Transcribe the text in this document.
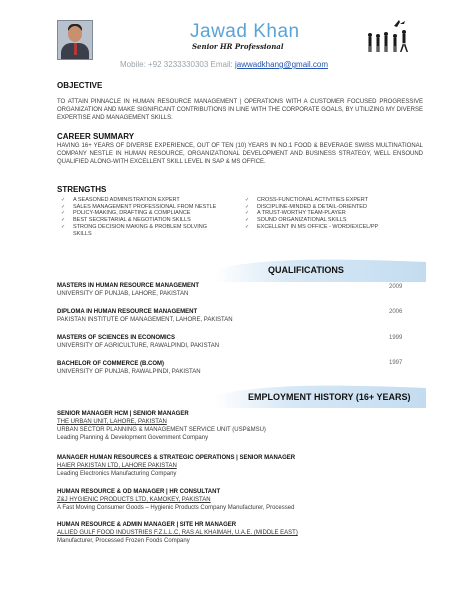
Jawad Khan
Senior HR Professional
Mobile: +92 3233330303 Email: jawwadkhang@gmail.com
OBJECTIVE
TO ATTAIN PINNACLE IN HUMAN RESOURCE MANAGEMENT | OPERATIONS WITH A CUSTOMER FOCUSED PROGRESSIVE ORGANIZATION AND MAKE SIGNIFICANT CONTRIBUTIONS IN LINE WITH THE CORPORATE GOALS, BY UTILIZING MY DIVERSE EXPERTISE AND MANAGEMENT SKILLS.
CAREER SUMMARY
HAVING 16+ YEARS OF DIVERSE EXPERIENCE, OUT OF TEN (10) YEARS IN NO.1 FOOD & BEVERAGE SWISS MULTINATIONAL COMPANY NESTLE IN HUMAN RESOURCE, ORGANIZATIONAL DEVELOPMENT AND BUSINESS STRATEGY, WELL ENSOUND QUALIFIED ALONG-WITH EXCELLENT SKILL LEVEL IN SAP & MS OFFICE.
STRENGTHS
✓ A SEASONED ADMINISTRATION EXPERT
✓ SALES MANAGEMENT PROFESSIONAL FROM NESTLE
✓ POLICY-MAKING, DRAFTING & COMPLIANCE
✓ BEST SECRETARIAL & NEGOTIATION SKILLS
✓ STRONG DECISION MAKING & PROBLEM SOLVING SKILLS
✓ CROSS-FUNCTIONAL ACTIVITIES EXPERT
✓ DISCIPLINE-MINDED & DETAIL-ORIENTED
✓ A TRUST-WORTHY TEAM-PLAYER
✓ SOUND ORGANIZATIONAL SKILLS
✓ EXCELLENT IN MS OFFICE - WORD/EXCEL/PP
QUALIFICATIONS
MASTERS IN HUMAN RESOURCE MANAGEMENT
UNIVERSITY OF PUNJAB, LAHORE, PAKISTAN
2009
DIPLOMA IN HUMAN RESOURCE MANAGEMENT
PAKISTAN INSTITUTE OF MANAGEMENT, LAHORE, PAKISTAN
2006
MASTERS OF SCIENCES IN ECONOMICS
UNIVERSITY OF AGRICULTURE, RAWALPINDI, PAKISTAN
1999
BACHELOR OF COMMERCE (B.COM)
UNIVERSITY OF PUNJAB, RAWALPINDI, PAKISTAN
1997
EMPLOYMENT HISTORY (16+ YEARS)
SENIOR MANAGER HCM | SENIOR MANAGER
THE URBAN UNIT, LAHORE, PAKISTAN
URBAN SECTOR PLANNING & MANAGEMENT SERVICE UNIT (USP&MSU)
Leading Planning & Development Government Company
MANAGER HUMAN RESOURCES & STRATEGIC OPERATIONS | SENIOR MANAGER
HAIER PAKISTAN LTD, LAHORE PAKISTAN
Leading Electronics Manufacturing Company
HUMAN RESOURCE & OD MANAGER | HR CONSULTANT
Z&J HYGIENIC PRODUCTS LTD, KAMOKEY, PAKISTAN
A Fast Moving Consumer Goods – Hygienic Products Company Manufacturer, Processed
HUMAN RESOURCE & ADMIN MANAGER | SITE HR MANAGER
ALLIED GULF FOOD INDUSTRIES F.Z.L.L.C, RAS AL KHAIMAH, U.A.E. (MIDDLE EAST)
Manufacturer, Processed Frozen Foods Company
